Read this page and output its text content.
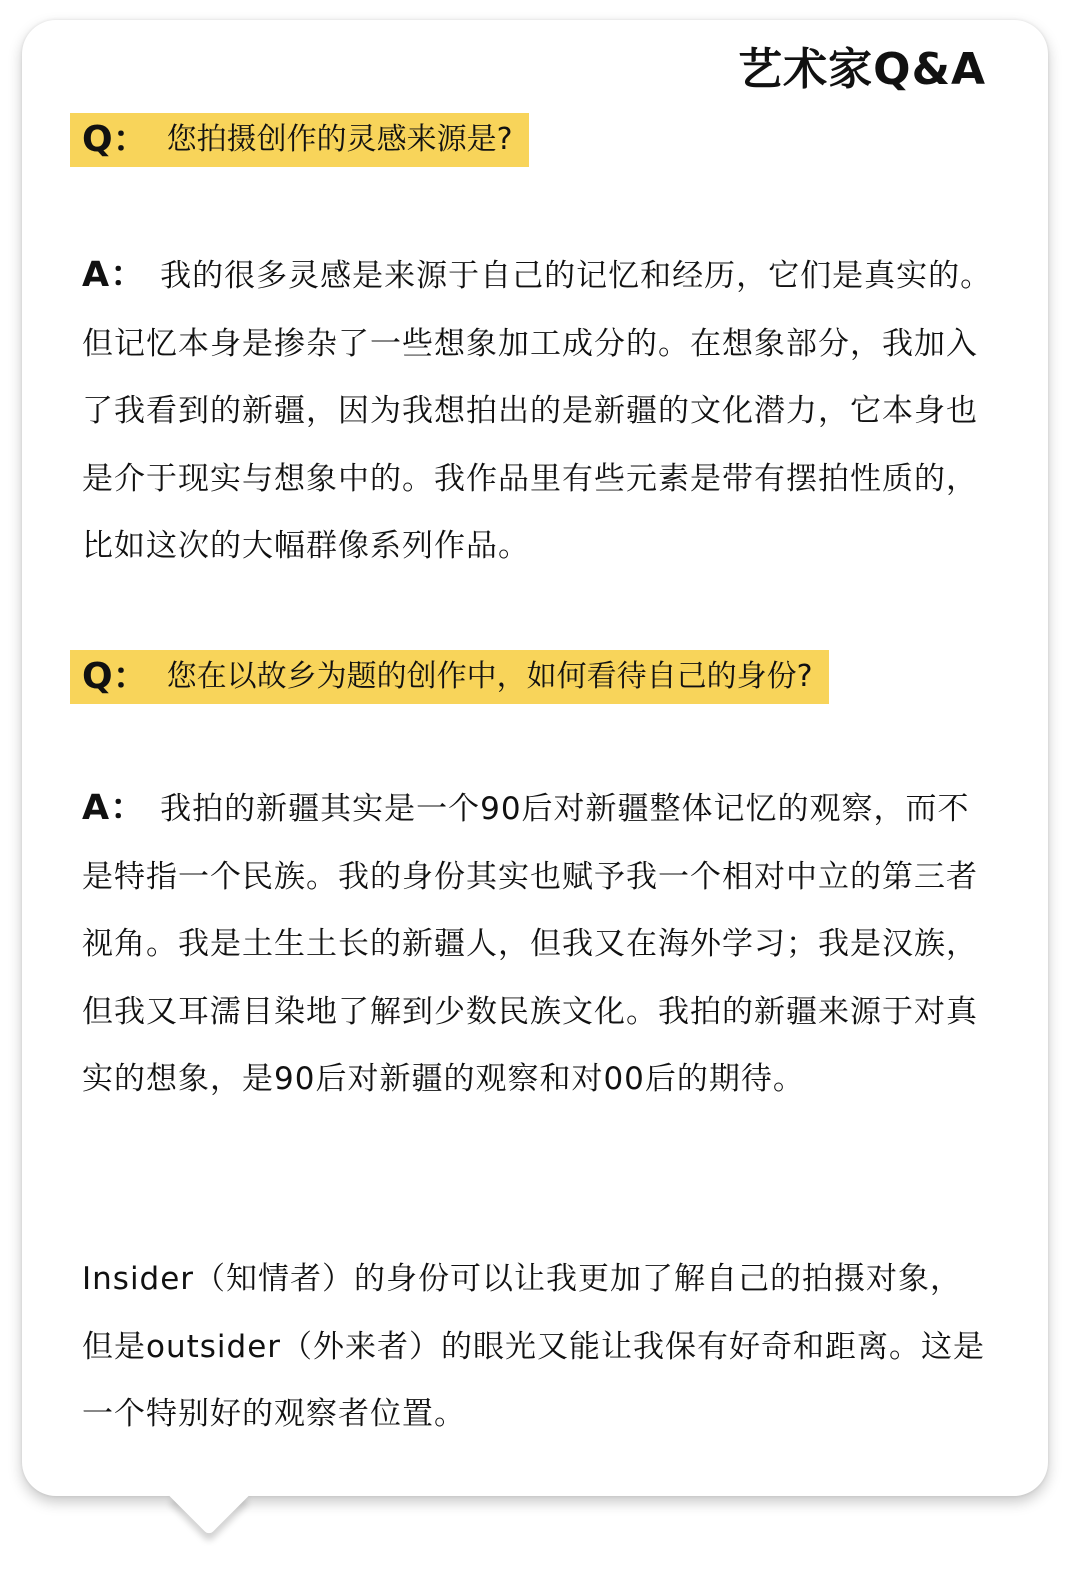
艺术家Q&A
Q： 您拍摄创作的灵感来源是?
A： 我的很多灵感是来源于自己的记忆和经历，它们是真实的。但记忆本身是掺杂了一些想象加工成分的。在想象部分，我加入了我看到的新疆，因为我想拍出的是新疆的文化潜力，它本身也是介于现实与想象中的。我作品里有些元素是带有摆拍性质的，比如这次的大幅群像系列作品。
Q： 您在以故乡为题的创作中，如何看待自己的身份?
A： 我拍的新疆其实是一个90后对新疆整体记忆的观察，而不是特指一个民族。我的身份其实也赋予我一个相对中立的第三者视角。我是土生土长的新疆人，但我又在海外学习；我是汉族，但我又耳濡目染地了解到少数民族文化。我拍的新疆来源于对真实的想象，是90后对新疆的观察和对00后的期待。
Insider（知情者）的身份可以让我更加了解自己的拍摄对象，但是outsider（外来者）的眼光又能让我保有好奇和距离。这是一个特别好的观察者位置。
